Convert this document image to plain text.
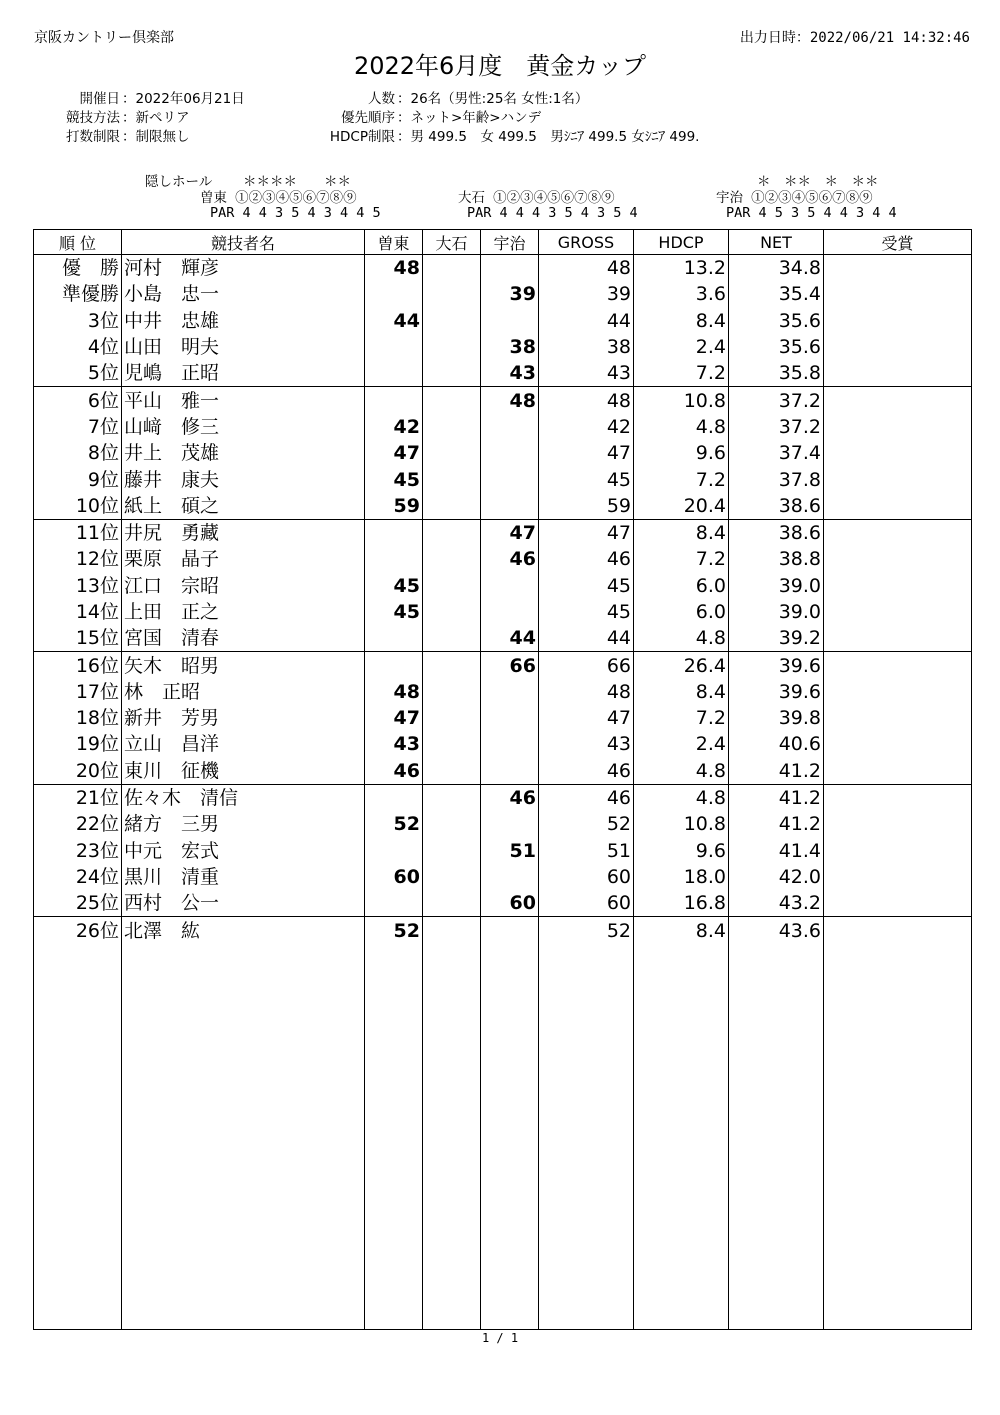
京阪カントリー倶楽部	出力日時：2022/06/21 14:32:46
2022年6月度　黄金カップ
開催日 ：2022年06月21日
競技方法 ：新ペリア
打数制限 ：制限無し
人数 ：26名（男性:25名 女性:1名）
優先順序 ：ネット>年齢>ハンデ
HDCP制限 ：男 499.5　女 499.5　男ｼﾆｱ 499.5 女ｼﾆｱ 499.
隠しホール ＊＊＊＊　　＊＊
曽東 ①②③④⑤⑥⑦⑧⑨
PAR 4 4 3 5 4 3 4 4 5
大石 ①②③④⑤⑥⑦⑧⑨
PAR 4 4 4 3 5 4 3 5 4
＊　＊＊　＊　＊＊
宇治 ①②③④⑤⑥⑦⑧⑨
PAR 4 5 3 5 4 4 3 4 4
順 位	競技者名	曽東	大石	宇治	GROSS	HDCP	NET	受賞
優　勝	河村　輝彦	48			48	13.2	34.8	
準優勝	小島　忠一			39	39	3.6	35.4	
3位	中井　忠雄	44			44	8.4	35.6	
4位	山田　明夫			38	38	2.4	35.6	
5位	児嶋　正昭			43	43	7.2	35.8	
6位	平山　雅一			48	48	10.8	37.2	
7位	山﨑　修三	42			42	4.8	37.2	
8位	井上　茂雄	47			47	9.6	37.4	
9位	藤井　康夫	45			45	7.2	37.8	
10位	紙上　碩之	59			59	20.4	38.6	
11位	井尻　勇藏			47	47	8.4	38.6	
12位	栗原　晶子			46	46	7.2	38.8	
13位	江口　宗昭	45			45	6.0	39.0	
14位	上田　正之	45			45	6.0	39.0	
15位	宮国　清春			44	44	4.8	39.2	
16位	矢木　昭男			66	66	26.4	39.6	
17位	林　正昭	48			48	8.4	39.6	
18位	新井　芳男	47			47	7.2	39.8	
19位	立山　昌洋	43			43	2.4	40.6	
20位	東川　征機	46			46	4.8	41.2	
21位	佐々木　清信			46	46	4.8	41.2	
22位	緒方　三男	52			52	10.8	41.2	
23位	中元　宏式			51	51	9.6	41.4	
24位	黒川　清重	60			60	18.0	42.0	
25位	西村　公一			60	60	16.8	43.2	
26位	北澤　紘	52			52	8.4	43.6	

1 / 1
